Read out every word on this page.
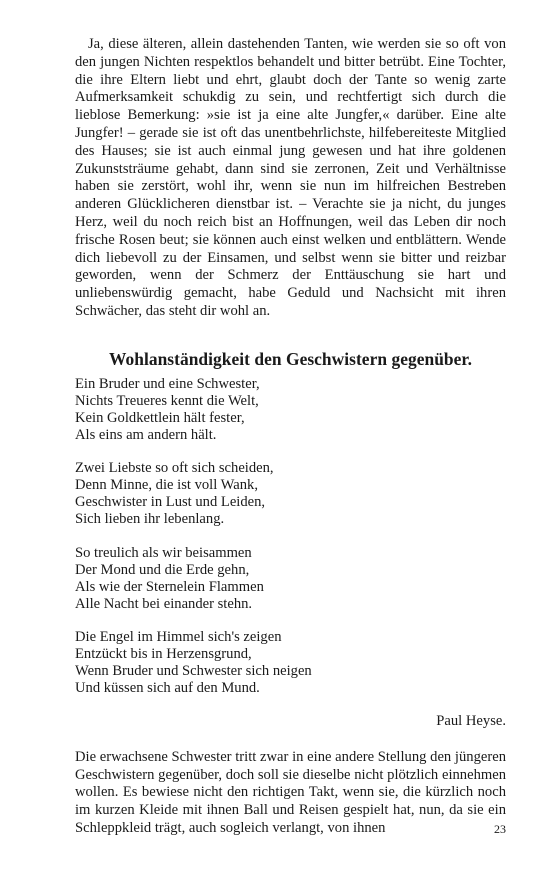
Ja, diese älteren, allein dastehenden Tanten, wie werden sie so oft von den jungen Nichten respektlos behandelt und bitter betrübt. Eine Tochter, die ihre Eltern liebt und ehrt, glaubt doch der Tante so wenig zarte Aufmerksamkeit schukdig zu sein, und rechtfertigt sich durch die lieblose Bemerkung: »sie ist ja eine alte Jungfer,« darüber. Eine alte Jungfer! – gerade sie ist oft das unentbehrlichste, hilfebereiteste Mitglied des Hauses; sie ist auch einmal jung gewesen und hat ihre goldenen Zukunststräume gehabt, dann sind sie zerronen, Zeit und Verhältnisse haben sie zerstört, wohl ihr, wenn sie nun im hilfreichen Bestreben anderen Glücklicheren dienstbar ist. – Verachte sie ja nicht, du junges Herz, weil du noch reich bist an Hoffnungen, weil das Leben dir noch frische Rosen beut; sie können auch einst welken und entblättern. Wende dich liebevoll zu der Einsamen, und selbst wenn sie bitter und reizbar geworden, wenn der Schmerz der Enttäuschung sie hart und unliebenswürdig gemacht, habe Geduld und Nachsicht mit ihren Schwächer, das steht dir wohl an.

Wohlanständigkeit den Geschwistern gegenüber.
Ein Bruder und eine Schwester,
Nichts Treueres kennt die Welt,
Kein Goldkettlein hält fester,
Als eins am andern hält.
Zwei Liebste so oft sich scheiden,
Denn Minne, die ist voll Wank,
Geschwister in Lust und Leiden,
Sich lieben ihr lebenlang.
So treulich als wir beisammen
Der Mond und die Erde gehn,
Als wie der Sternelein Flammen
Alle Nacht bei einander stehn.
Die Engel im Himmel sich's zeigen
Entzückt bis in Herzensgrund,
Wenn Bruder und Schwester sich neigen
Und küssen sich auf den Mund.

Paul Heyse.

Die erwachsene Schwester tritt zwar in eine andere Stellung den jüngeren Geschwistern gegenüber, doch soll sie dieselbe nicht plötzlich einnehmen wollen. Es bewiese nicht den richtigen Takt, wenn sie, die kürzlich noch im kurzen Kleide mit ihnen Ball und Reisen gespielt hat, nun, da sie ein Schleppkleid trägt, auch sogleich verlangt, von ihnen	23
